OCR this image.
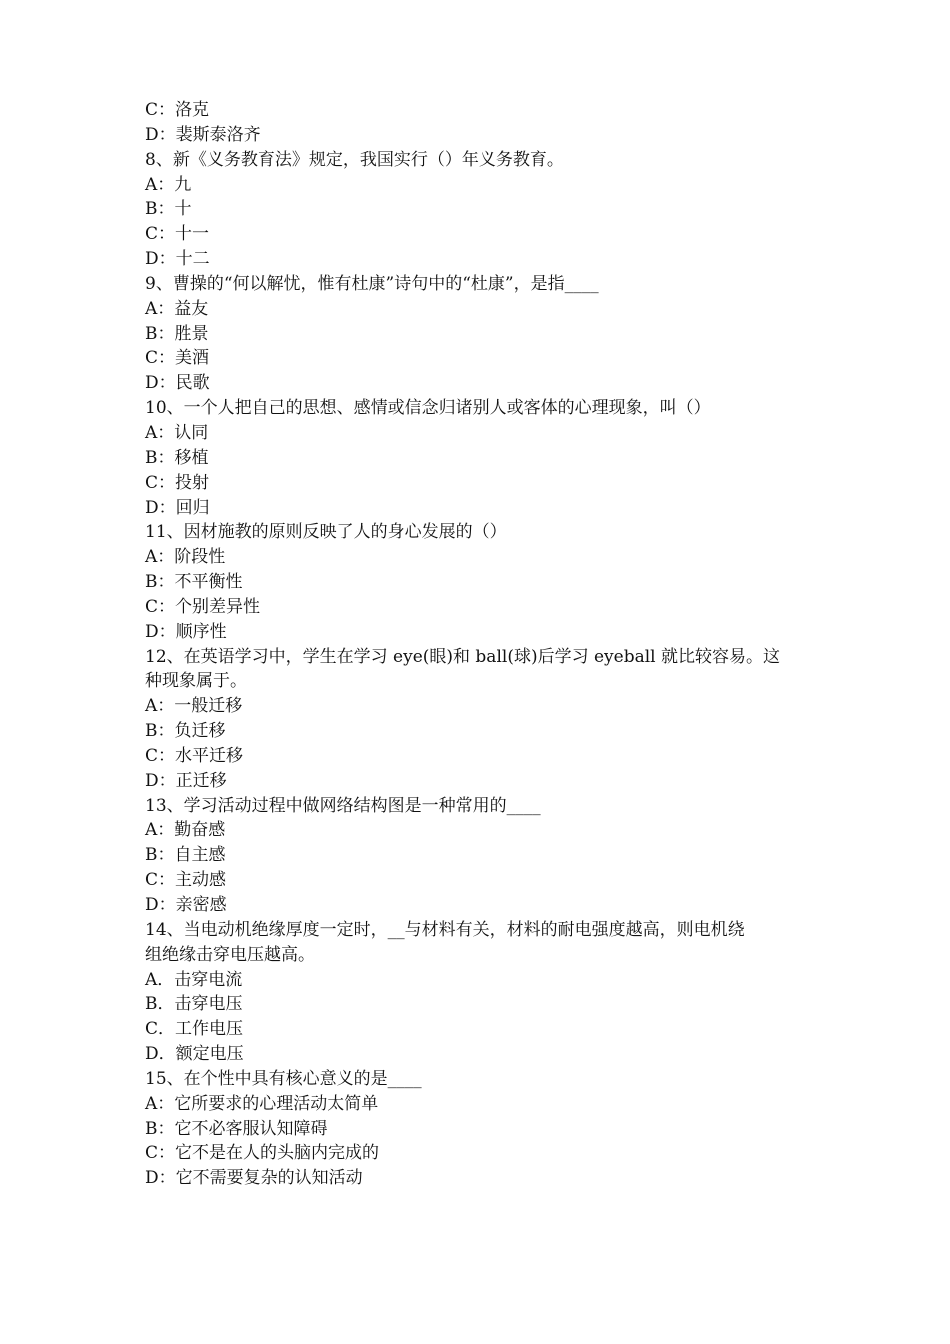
C：洛克
D：裴斯泰洛齐
8、新《义务教育法》规定，我国实行（）年义务教育。
A：九
B：十
C：十一
D：十二
9、曹操的“何以解忧，惟有杜康”诗句中的“杜康”，是指____
A：益友
B：胜景
C：美酒
D：民歌
10、一个人把自己的思想、感情或信念归诸别人或客体的心理现象，叫（）
A：认同
B：移植
C：投射
D：回归
11、因材施教的原则反映了人的身心发展的（）
A：阶段性
B：不平衡性
C：个别差异性
D：顺序性
12、在英语学习中，学生在学习 eye(眼)和 ball(球)后学习 eyeball 就比较容易。这
种现象属于。
A：一般迁移
B：负迁移
C：水平迁移
D：正迁移
13、学习活动过程中做网络结构图是一种常用的____
A：勤奋感
B：自主感
C：主动感
D：亲密感
14、当电动机绝缘厚度一定时，__与材料有关，材料的耐电强度越高，则电机绕
组绝缘击穿电压越高。
A．击穿电流
B．击穿电压
C．工作电压
D．额定电压
15、在个性中具有核心意义的是____
A：它所要求的心理活动太简单
B：它不必客服认知障碍
C：它不是在人的头脑内完成的
D：它不需要复杂的认知活动
